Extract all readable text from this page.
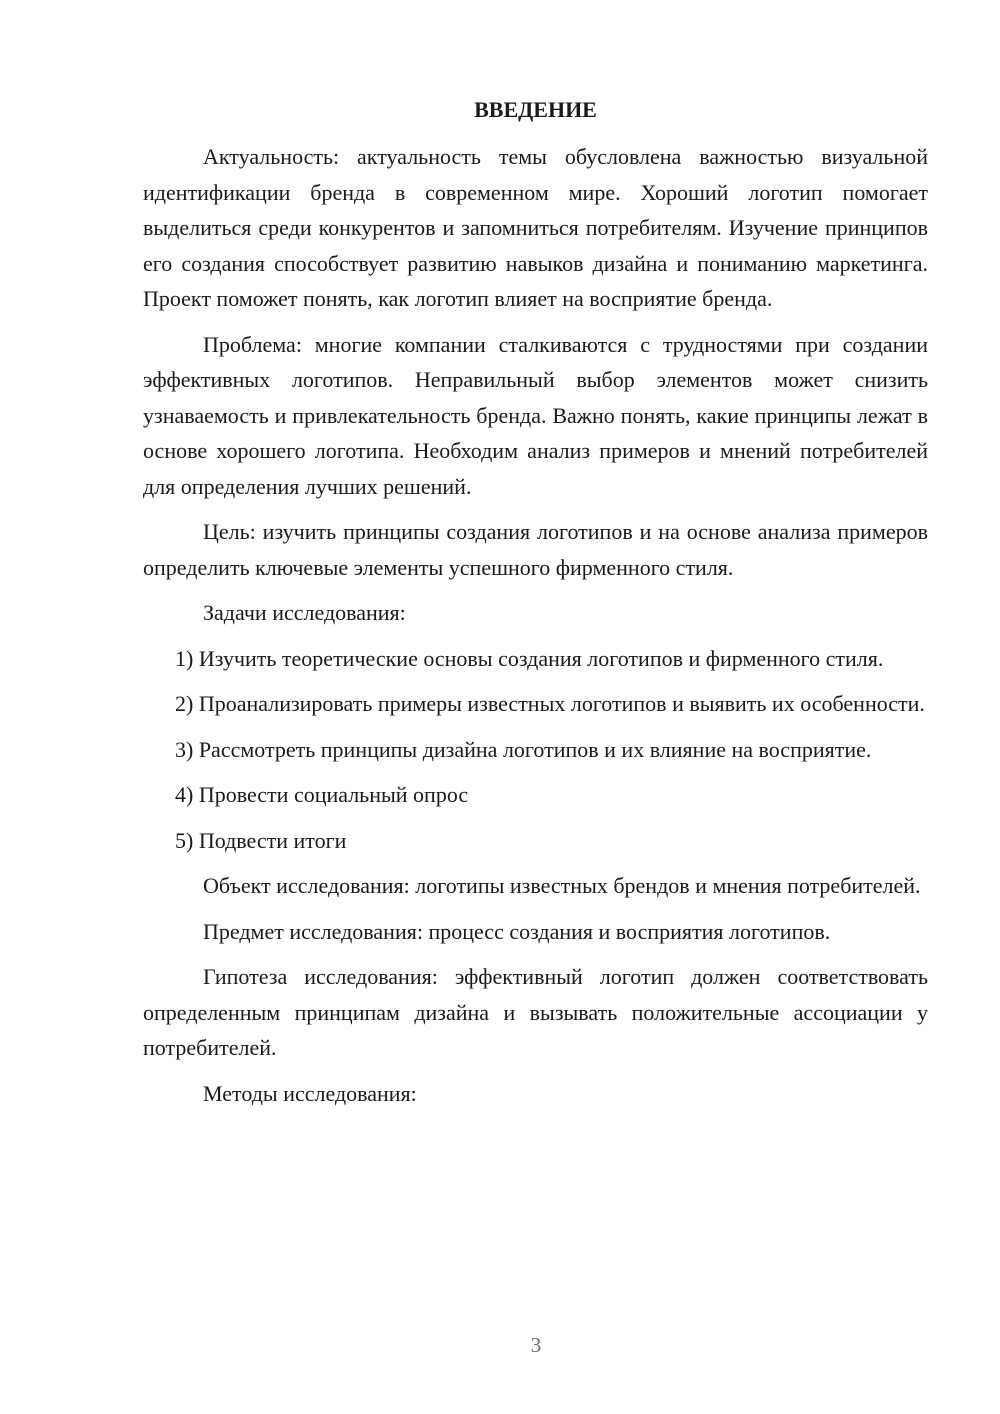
ВВЕДЕНИЕ

Актуальность: актуальность темы обусловлена важностью визуальной идентификации бренда в современном мире. Хороший логотип помогает выделиться среди конкурентов и запомниться потребителям. Изучение принципов его создания способствует развитию навыков дизайна и пониманию маркетинга. Проект поможет понять, как логотип влияет на восприятие бренда.

Проблема: многие компании сталкиваются с трудностями при создании эффективных логотипов. Неправильный выбор элементов может снизить узнаваемость и привлекательность бренда. Важно понять, какие принципы лежат в основе хорошего логотипа. Необходим анализ примеров и мнений потребителей для определения лучших решений.

Цель: изучить принципы создания логотипов и на основе анализа примеров определить ключевые элементы успешного фирменного стиля.

Задачи исследования:

1) Изучить теоретические основы создания логотипов и фирменного стиля.

2) Проанализировать примеры известных логотипов и выявить их особенности.

3) Рассмотреть принципы дизайна логотипов и их влияние на восприятие.

4) Провести социальный опрос

5) Подвести итоги

Объект исследования: логотипы известных брендов и мнения потребителей.

Предмет исследования: процесс создания и восприятия логотипов.

Гипотеза исследования: эффективный логотип должен соответствовать определенным принципам дизайна и вызывать положительные ассоциации у потребителей.

Методы исследования:

3
